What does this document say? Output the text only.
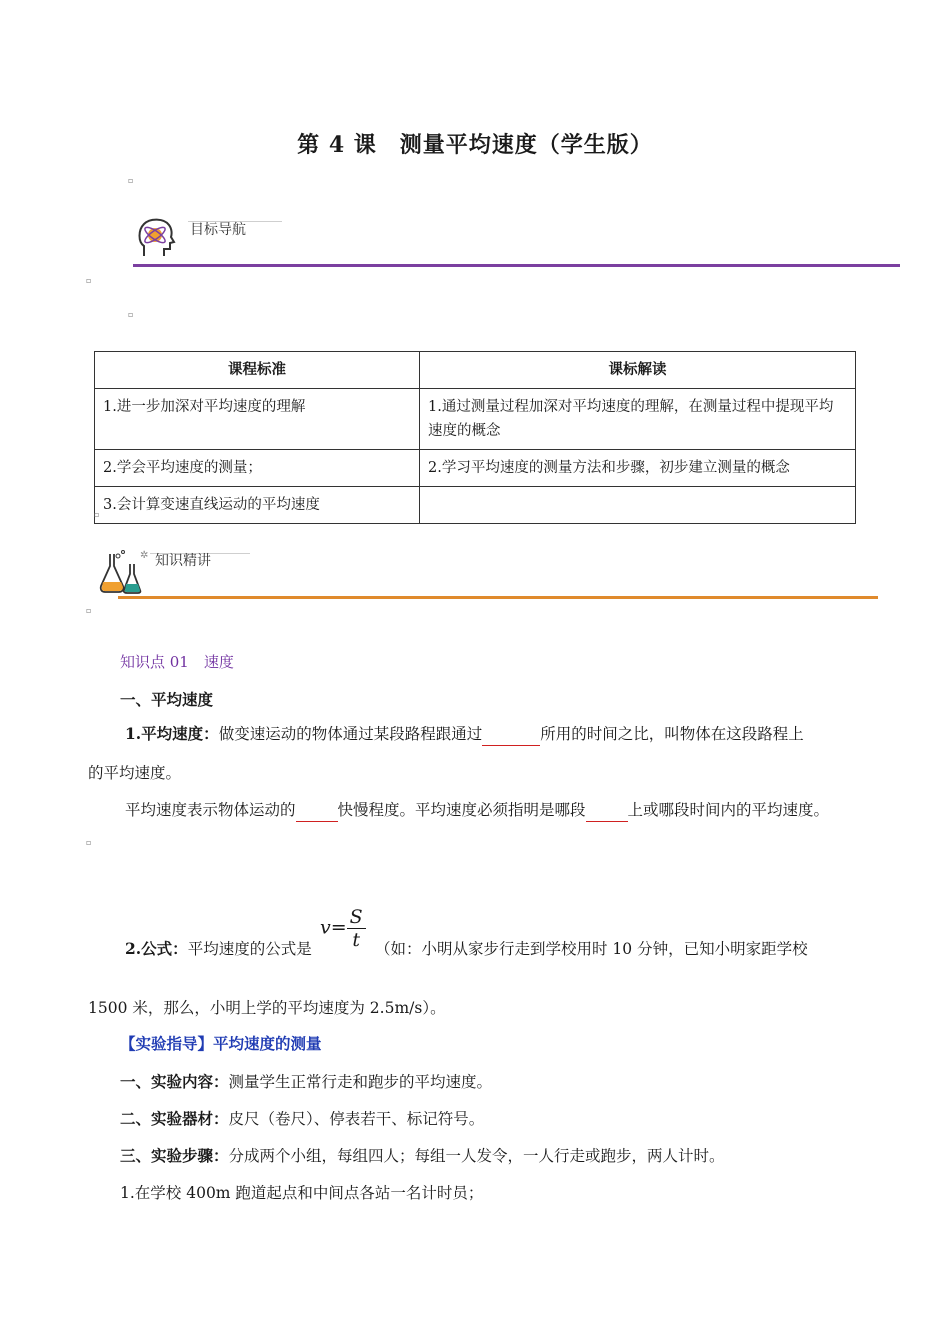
第 4 课　测量平均速度（学生版）
▫
目标导航
▫
▫
课程标准	课标解读
1.进一步加深对平均速度的理解	1.通过测量过程加深对平均速度的理解，在测量过程中提现平均速度的概念
2.学会平均速度的测量；	2.学习平均速度的测量方法和步骤，初步建立测量的概念
3.会计算变速直线运动的平均速度	
▫
✲ 知识精讲
▫
知识点 01　速度
一、平均速度
1.平均速度：做变速运动的物体通过某段路程跟通过	所用的时间之比，叫物体在这段路程上
的平均速度。
平均速度表示物体运动的	快慢程度。平均速度必须指明是哪段	上或哪段时间内的平均速度。
▫
$v= \frac{S}{t}$
2.公式：平均速度的公式是	（如：小明从家步行走到学校用时 10 分钟，已知小明家距学校
1500 米，那么，小明上学的平均速度为 2.5m/s）。
【实验指导】平均速度的测量
一、实验内容：测量学生正常行走和跑步的平均速度。
二、实验器材：皮尺（卷尺）、停表若干、标记符号。
三、实验步骤：分成两个小组，每组四人；每组一人发令，一人行走或跑步，两人计时。
1.在学校 400m 跑道起点和中间点各站一名计时员；
